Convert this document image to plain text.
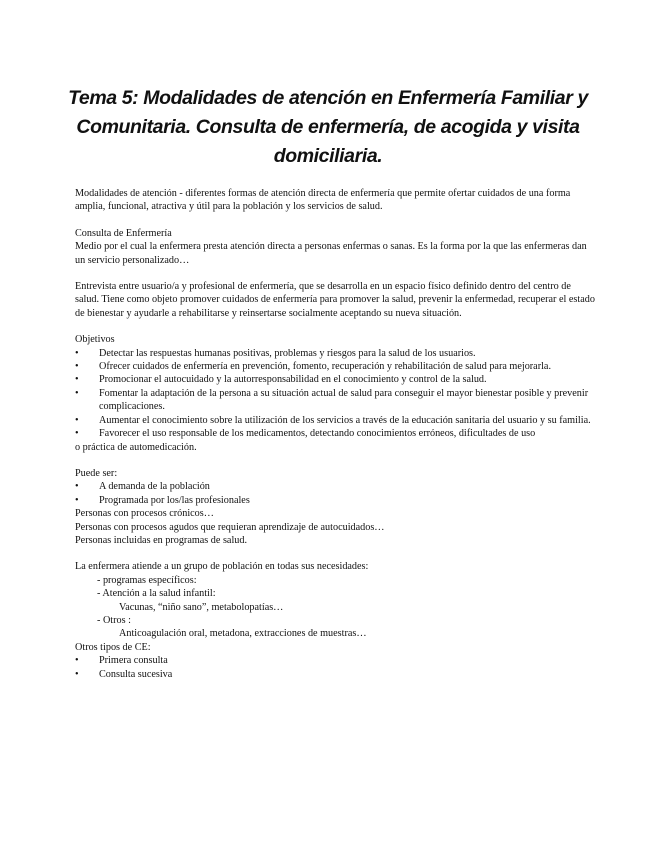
Tema 5: Modalidades de atención en Enfermería Familiar y
Comunitaria. Consulta de enfermería, de acogida y visita domiciliaria.

Modalidades de atención - diferentes formas de atención directa de enfermería que permite ofertar cuidados de una forma amplia, funcional, atractiva y útil para la población y los servicios de salud.

Consulta de Enfermería

Medio por el cual la enfermera presta atención directa a personas enfermas o sanas. Es la forma por la que las enfermeras dan un servicio personalizado…

Entrevista entre usuario/a y profesional de enfermería, que se desarrolla en un espacio físico definido dentro del centro de salud. Tiene como objeto promover cuidados de enfermería para promover la salud, prevenir la enfermedad, recuperar el estado de bienestar y ayudarle a rehabilitarse y reinsertarse socialmente aceptando su nueva situación.

Objetivos

• Detectar las respuestas humanas positivas, problemas y riesgos para la salud de los usuarios.

• Ofrecer cuidados de enfermería en prevención, fomento, recuperación y rehabilitación de salud para mejorarla.

• Promocionar el autocuidado y la autorresponsabilidad en el conocimiento y control de la salud.

• Fomentar la adaptación de la persona a su situación actual de salud para conseguir el mayor bienestar posible y prevenir complicaciones.

• Aumentar el conocimiento sobre la utilización de los servicios a través de la educación sanitaria del usuario y su familia.

• Favorecer el uso responsable de los medicamentos, detectando conocimientos erróneos, dificultades de uso

o práctica de automedicación.

Puede ser:

• A demanda de la población

• Programada por los/las profesionales

Personas con procesos crónicos…

Personas con procesos agudos que requieran aprendizaje de autocuidados…

Personas incluidas en programas de salud.

La enfermera atiende a un grupo de población en todas sus necesidades:

- programas específicos:

- Atención a la salud infantil:

Vacunas, “niño sano”, metabolopatías…

- Otros :

Anticoagulación oral, metadona, extracciones de muestras…

Otros tipos de CE:

• Primera consulta

• Consulta sucesiva
